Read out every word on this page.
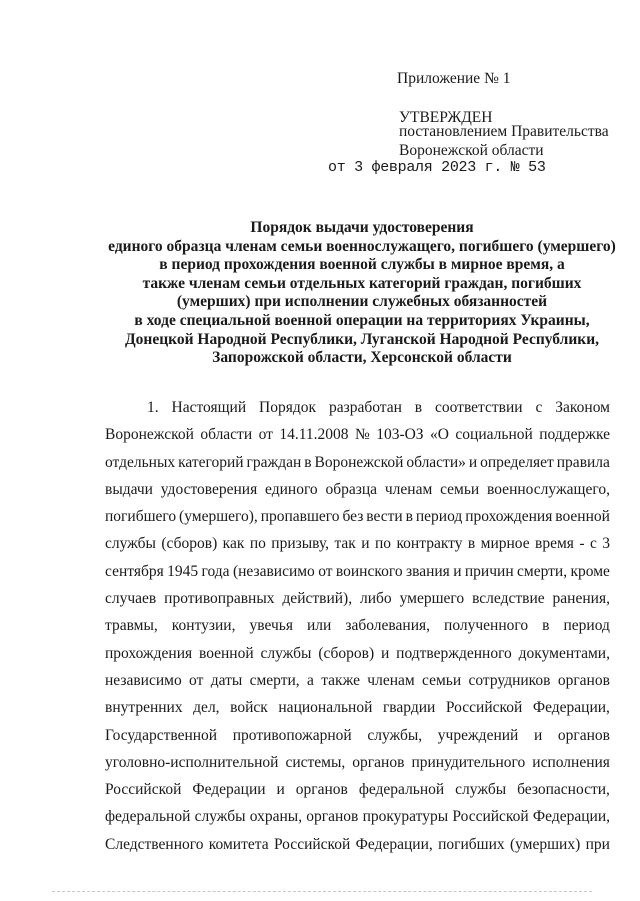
Приложение № 1
УТВЕРЖДЕН
постановлением Правительства
Воронежской области
от 3 февраля 2023 г. № 53
Порядок выдачи удостоверения
единого образца членам семьи военнослужащего, погибшего (умершего)
в период прохождения военной службы в мирное время, а
также членам семьи отдельных категорий граждан, погибших
(умерших) при исполнении служебных обязанностей
в ходе специальной военной операции на территориях Украины,
Донецкой Народной Республики, Луганской Народной Республики,
Запорожской области, Херсонской области
1. Настоящий Порядок разработан в соответствии с Законом
Воронежской области от 14.11.2008 № 103-ОЗ «О социальной поддержке
отдельных категорий граждан в Воронежской области» и определяет правила
выдачи удостоверения единого образца членам семьи военнослужащего,
погибшего (умершего), пропавшего без вести в период прохождения военной
службы (сборов) как по призыву, так и по контракту в мирное время - с 3
сентября 1945 года (независимо от воинского звания и причин смерти, кроме
случаев противоправных действий), либо умершего вследствие ранения,
травмы, контузии, увечья или заболевания, полученного в период
прохождения военной службы (сборов) и подтвержденного документами,
независимо от даты смерти, а также членам семьи сотрудников органов
внутренних дел, войск национальной гвардии Российской Федерации,
Государственной противопожарной службы, учреждений и органов
уголовно-исполнительной системы, органов принудительного исполнения
Российской Федерации и органов федеральной службы безопасности,
федеральной службы охраны, органов прокуратуры Российской Федерации,
Следственного комитета Российской Федерации, погибших (умерших) при
